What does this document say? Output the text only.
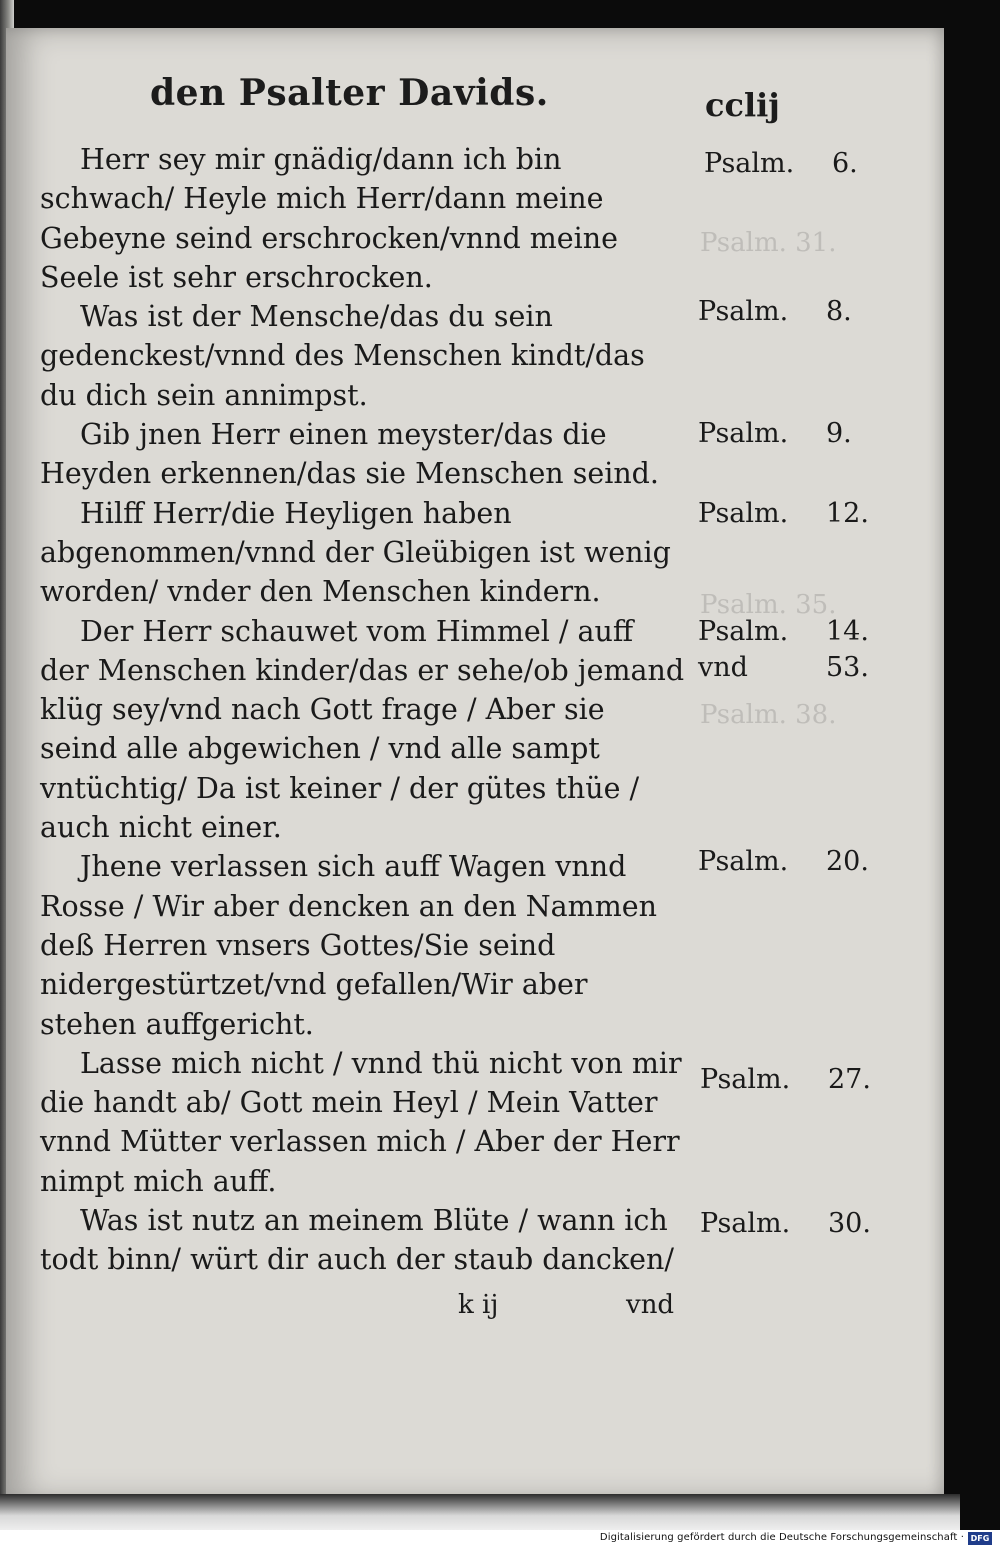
Psalm. 31.
Psalm. 35.
Psalm. 38.
den Psalter Davids.	cclij

Herr sey mir gnädig/dann ich bin schwach/ Heyle mich Herr/dann meine Gebeyne seind erschrocken/vnnd meine Seele ist sehr erschrocken.

Was ist der Mensche/das du sein gedenckest/vnnd des Menschen kindt/das du dich sein annimpst.

Gib jnen Herr einen meyster/das die Heyden erkennen/das sie Menschen seind.

Hilff Herr/die Heyligen haben abgenommen/vnnd der Gleübigen ist wenig worden/ vnder den Menschen kindern.

Der Herr schauwet vom Himmel / auff der Menschen kinder/das er sehe/ob jemand klüg sey/vnd nach Gott frage / Aber sie seind alle abgewichen / vnd alle sampt vntüchtig/ Da ist keiner / der gütes thüe / auch nicht einer.

Jhene verlassen sich auff Wagen vnnd Rosse / Wir aber dencken an den Nammen deß Herren vnsers Gottes/Sie seind nidergestürtzet/vnd gefallen/Wir aber stehen auffgericht.

Lasse mich nicht / vnnd thü nicht von mir die handt ab/ Gott mein Heyl / Mein Vatter vnnd Mütter verlassen mich / Aber der Herr nimpt mich auff.

Was ist nutz an meinem Blüte / wann ich todt binn/ würt dir auch der staub dancken/

Psalm. 6.
Psalm. 8.
Psalm. 9.
Psalm. 12.
Psalm. 14.
vnd	53.
Psalm. 20.
Psalm. 27.
Psalm. 30.
k ij	vnd
Digitalisierung gefördert durch die Deutsche Forschungsgemeinschaft · DFG
